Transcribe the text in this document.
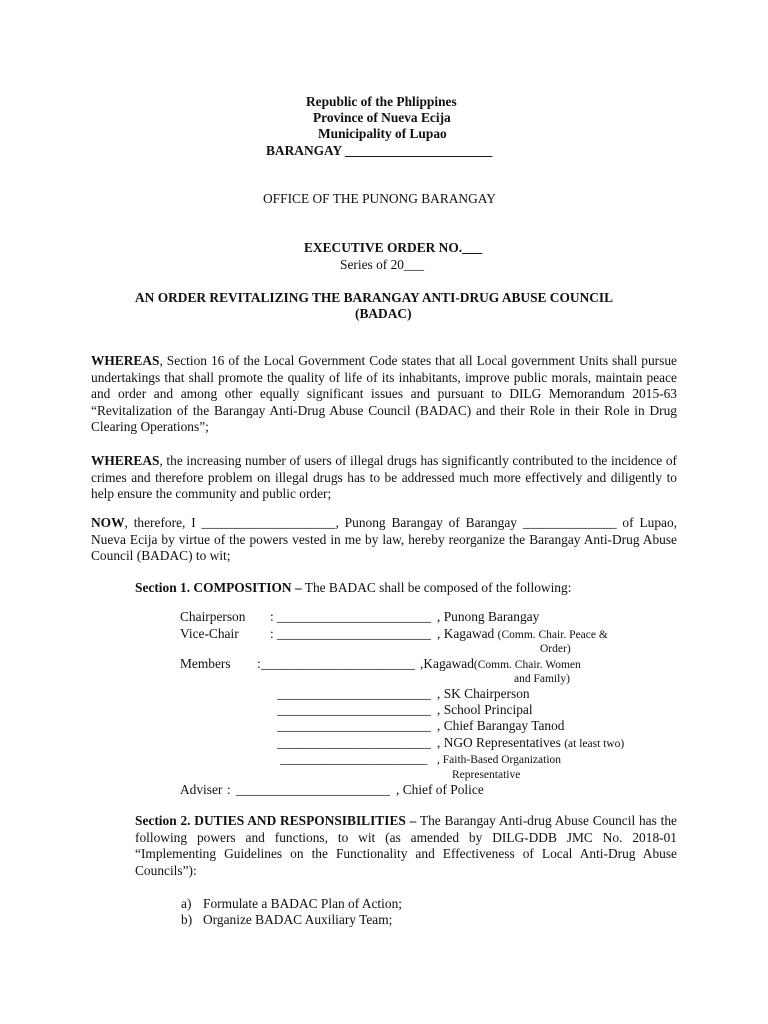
Republic of the Phlippines
Province of Nueva Ecija
Municipality of Lupao
BARANGAY ______________________
OFFICE OF THE PUNONG BARANGAY
EXECUTIVE ORDER NO.___
Series of 20___
AN ORDER REVITALIZING THE BARANGAY ANTI-DRUG ABUSE COUNCIL
(BADAC)
WHEREAS, Section 16 of the Local Government Code states that all Local government Units shall pursue undertakings that shall promote the quality of life of its inhabitants, improve public morals, maintain peace and order and among other equally significant issues and pursuant to DILG Memorandum 2015-63 “Revitalization of the Barangay Anti-Drug Abuse Council (BADAC) and their Role in their Role in Drug Clearing Operations”;
WHEREAS, the increasing number of users of illegal drugs has significantly contributed to the incidence of crimes and therefore problem on illegal drugs has to be addressed much more effectively and diligently to help ensure the community and public order;
NOW, therefore, I ____________________, Punong Barangay of Barangay ______________ of Lupao, Nueva Ecija by virtue of the powers vested in me by law, hereby reorganize the Barangay Anti-Drug Abuse Council (BADAC) to wit;
Section 1. COMPOSITION – The BADAC shall be composed of the following:
Chairperson : _______________________ , Punong Barangay
Vice-Chair : _______________________ , Kagawad (Comm. Chair. Peace &
Order)
Members : _______________________ ,Kagawad(Comm. Chair. Women
and Family)
_______________________ , SK Chairperson
_______________________ , School Principal
_______________________ , Chief Barangay Tanod
_______________________ , NGO Representatives (at least two)
______________________ , Faith-Based Organization
Representative
Adviser : _______________________ , Chief of Police
Section 2. DUTIES AND RESPONSIBILITIES – The Barangay Anti-drug Abuse Council has the following powers and functions, to wit (as amended by DILG-DDB JMC No. 2018-01 “Implementing Guidelines on the Functionality and Effectiveness of Local Anti-Drug Abuse Councils”):
a) Formulate a BADAC Plan of Action;
b) Organize BADAC Auxiliary Team;
